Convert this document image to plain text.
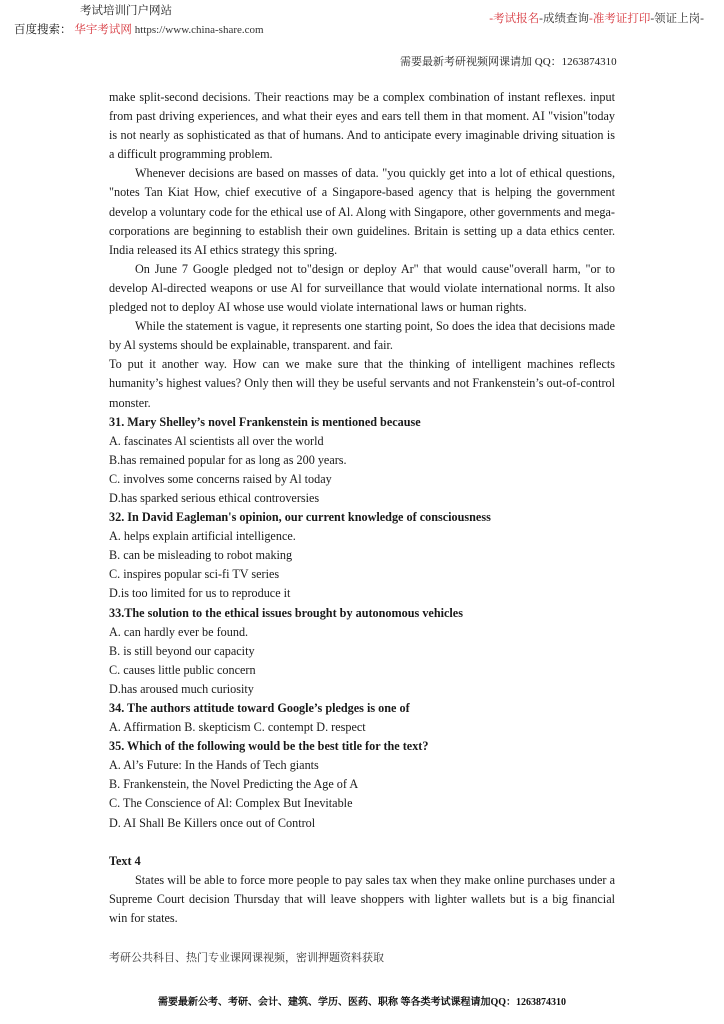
考试培训门户网站
百度搜索： 华宇考试网 https://www.china-share.com
-考试报名-成绩查询-准考证打印-领证上岗-
需要最新考研视频网课请加 QQ：1263874310

make split-second decisions. Their reactions may be a complex combination of instant reflexes. input from past driving experiences, and what their eyes and ears tell them in that moment. AI "vision"today is not nearly as sophisticated as that of humans. And to anticipate every imaginable driving situation is a difficult programming problem.

Whenever decisions are based on masses of data. "you quickly get into a lot of ethical questions, "notes Tan Kiat How, chief executive of a Singapore-based agency that is helping the government develop a voluntary code for the ethical use of Al. Along with Singapore, other governments and mega-corporations are beginning to establish their own guidelines. Britain is setting up a data ethics center. India released its AI ethics strategy this spring.

On June 7 Google pledged not to"design or deploy Ar" that would cause"overall harm, "or to develop Al-directed weapons or use Al for surveillance that would violate international norms. It also pledged not to deploy AI whose use would violate international laws or human rights.

While the statement is vague, it represents one starting point, So does the idea that decisions made by Al systems should be explainable, transparent. and fair.

To put it another way. How can we make sure that the thinking of intelligent machines reflects humanity’s highest values? Only then will they be useful servants and not Frankenstein’s out-of-control monster.

31. Mary Shelley’s novel Frankenstein is mentioned because

A. fascinates Al scientists all over the world

B.has remained popular for as long as 200 years.

C. involves some concerns raised by Al today

D.has sparked serious ethical controversies

32. In David Eagleman's opinion, our current knowledge of consciousness

A. helps explain artificial intelligence.

B. can be misleading to robot making

C. inspires popular sci-fi TV series

D.is too limited for us to reproduce it

33.The solution to the ethical issues brought by autonomous vehicles

A. can hardly ever be found.

B. is still beyond our capacity

C. causes little public concern

D.has aroused much curiosity

34. The authors attitude toward Google’s pledges is one of

A. Affirmation B. skepticism C. contempt D. respect

35. Which of the following would be the best title for the text?

A. Al’s Future: In the Hands of Tech giants

B. Frankenstein, the Novel Predicting the Age of A

C. The Conscience of Al: Complex But Inevitable

D. AI Shall Be Killers once out of Control

Text 4

States will be able to force more people to pay sales tax when they make online purchases under a Supreme Court decision Thursday that will leave shoppers with lighter wallets but is a big financial win for states.

考研公共科目、热门专业课网课视频，密训押题资料获取
需要最新公考、考研、会计、建筑、学历、医药、职称 等各类考试课程请加QQ：1263874310
